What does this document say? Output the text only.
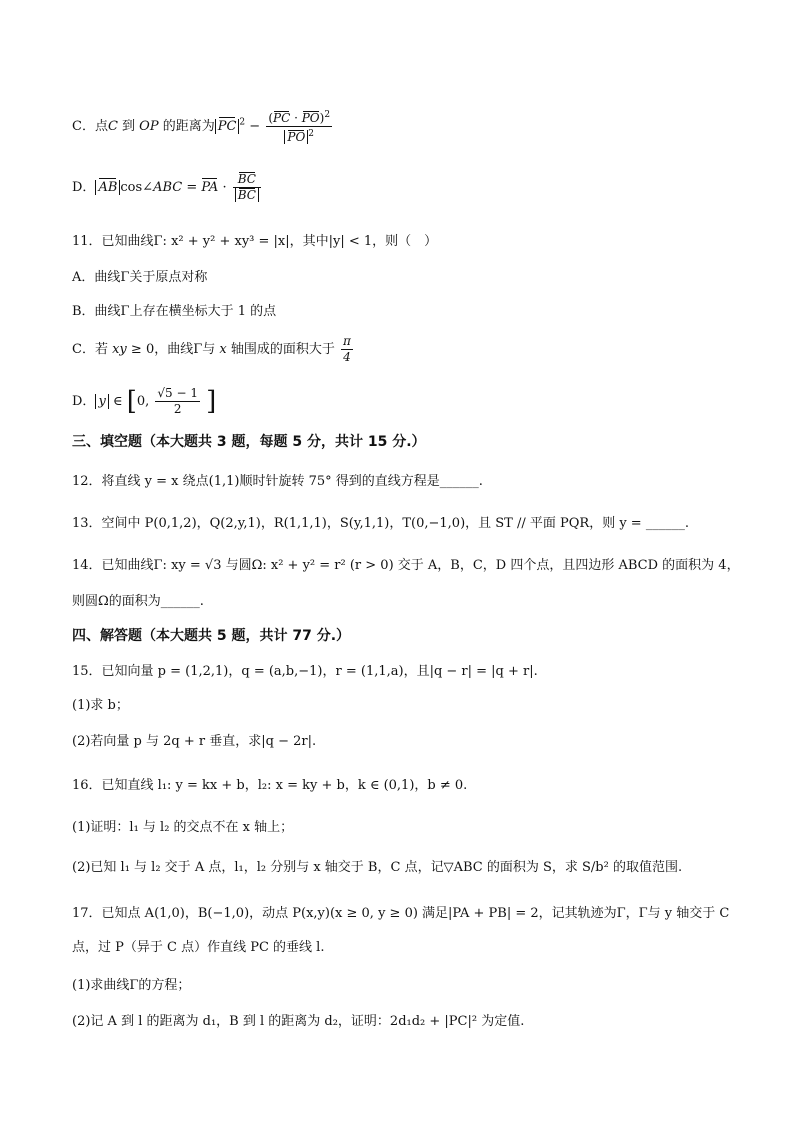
C．点C 到 OP 的距离为 PC $^2 - \frac{(PC \cdot PO)^2}{PO ^2}$
D． AB cos∠ABC = PA · $\frac{BC}{BC}$
11．已知曲线Γ: x² + y² + xy³ = |x|，其中|y| < 1，则（　）
A．曲线Γ关于原点对称
B．曲线Γ上存在横坐标大于 1 的点
C．若 xy ≥ 0，曲线Γ与 x 轴围成的面积大于 $\frac{\pi}{4}$
D． y ∈ [0, $\frac{√5 - 1}{2}$ ]
三、填空题（本大题共 3 题，每题 5 分，共计 15 分.）
12．将直线 y = x 绕点(1,1)顺时针旋转 75° 得到的直线方程是______.
13．空间中 P(0,1,2)，Q(2,y,1)，R(1,1,1)，S(y,1,1)，T(0,−1,0)，且 ST // 平面 PQR，则 y = ______.
14．已知曲线Γ: xy = √3 与圆Ω: x² + y² = r² (r > 0) 交于 A，B，C，D 四个点，且四边形 ABCD 的面积为 4，
则圆Ω的面积为______.
四、解答题（本大题共 5 题，共计 77 分.）
15．已知向量 p = (1,2,1)，q = (a,b,−1)，r = (1,1,a)，且|q − r| = |q + r|.
(1)求 b；
(2)若向量 p 与 2q + r 垂直，求|q − 2r|.
16．已知直线 l₁: y = kx + b，l₂: x = ky + b，k ∈ (0,1)，b ≠ 0.
(1)证明：l₁ 与 l₂ 的交点不在 x 轴上；
(2)已知 l₁ 与 l₂ 交于 A 点，l₁，l₂ 分别与 x 轴交于 B，C 点，记▽ABC 的面积为 S，求 S/b² 的取值范围.
17．已知点 A(1,0)，B(−1,0)，动点 P(x,y)(x ≥ 0, y ≥ 0) 满足|PA + PB| = 2，记其轨迹为Γ，Γ与 y 轴交于 C
点，过 P（异于 C 点）作直线 PC 的垂线 l.
(1)求曲线Γ的方程；
(2)记 A 到 l 的距离为 d₁，B 到 l 的距离为 d₂，证明：2d₁d₂ + |PC|² 为定值.
